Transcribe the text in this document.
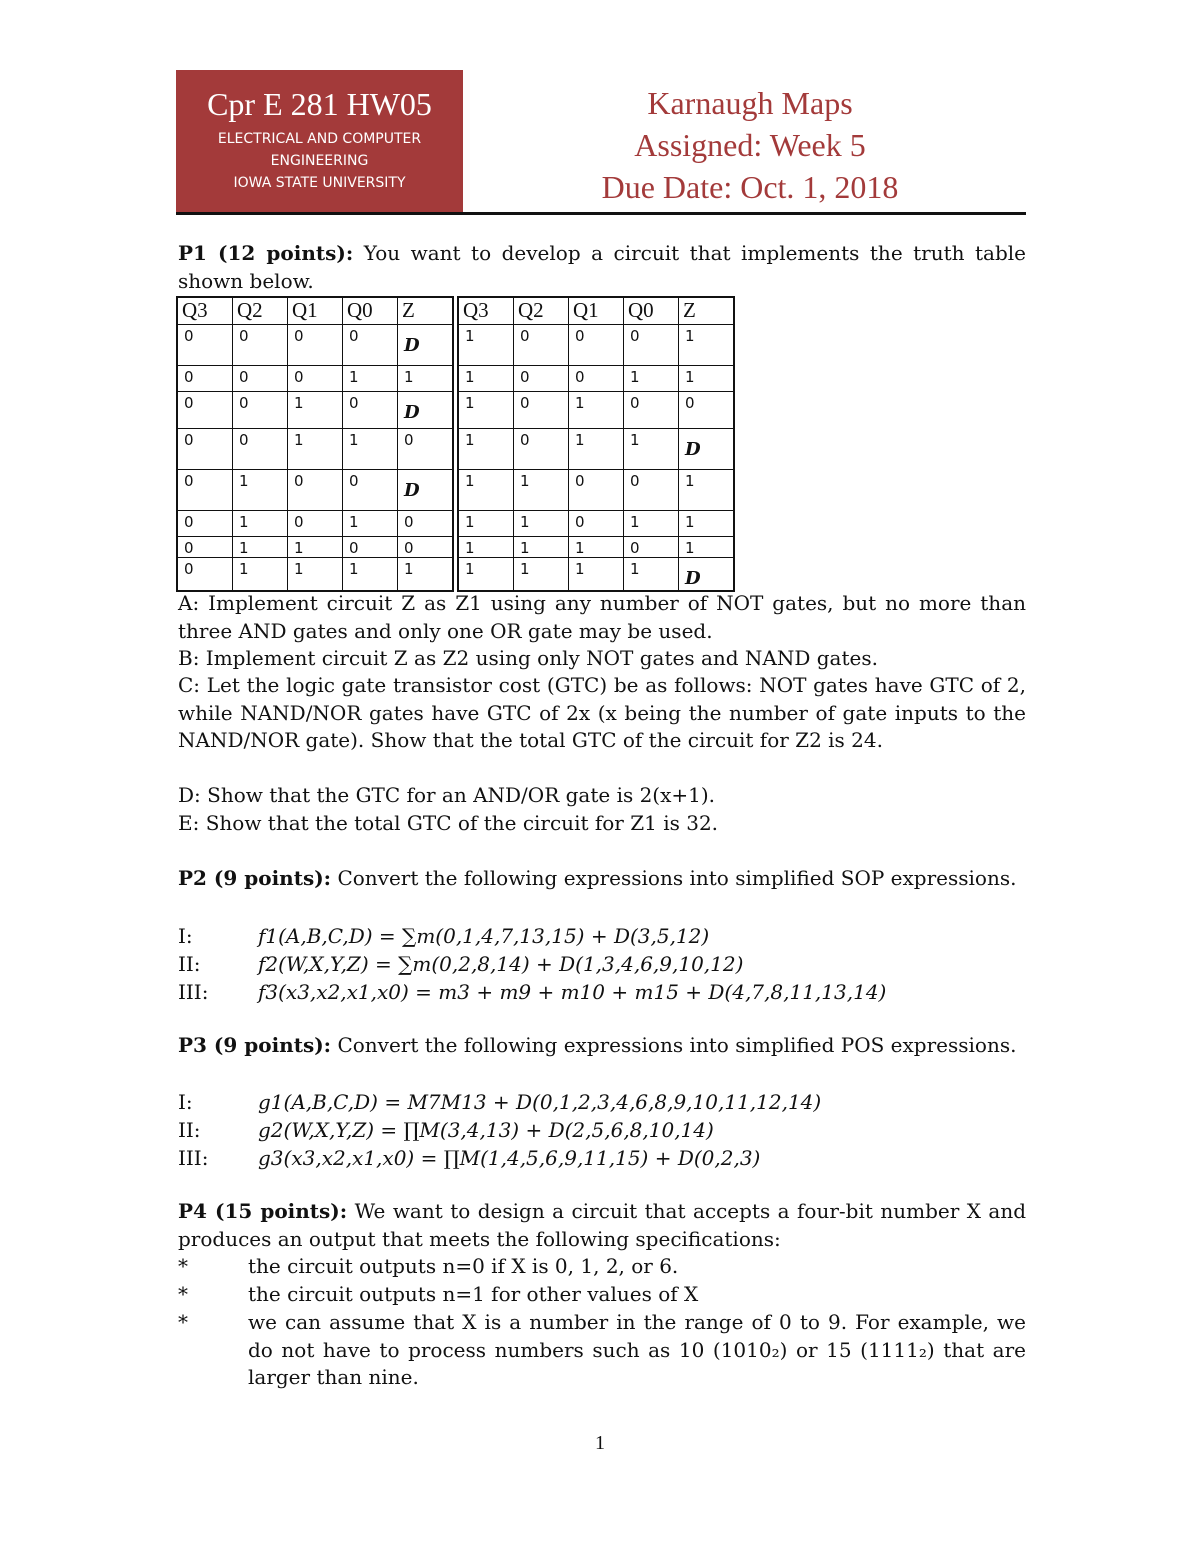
Cpr E 281 HW05
ELECTRICAL AND COMPUTER
ENGINEERING
IOWA STATE UNIVERSITY
Karnaugh Maps
Assigned: Week 5
Due Date: Oct. 1, 2018
P1 (12 points): You want to develop a circuit that implements the truth table shown below.
Q3	Q2	Q1	Q0	Z
0	0	0	0	D
0	0	0	1	1
0	0	1	0	D
0	0	1	1	0
0	1	0	0	D
0	1	0	1	0
0	1	1	0	0
0	1	1	1	1
Q3	Q2	Q1	Q0	Z
1	0	0	0	1
1	0	0	1	1
1	0	1	0	0
1	0	1	1	D
1	1	0	0	1
1	1	0	1	1
1	1	1	0	1
1	1	1	1	D
A: Implement circuit Z as Z1 using any number of NOT gates, but no more than three AND gates and only one OR gate may be used.
B: Implement circuit Z as Z2 using only NOT gates and NAND gates.
C: Let the logic gate transistor cost (GTC) be as follows: NOT gates have GTC of 2, while NAND/NOR gates have GTC of 2x (x being the number of gate inputs to the NAND/NOR gate). Show that the total GTC of the circuit for Z2 is 24.
D: Show that the GTC for an AND/OR gate is 2(x+1).
E: Show that the total GTC of the circuit for Z1 is 32.
P2 (9 points): Convert the following expressions into simplified SOP expressions.
I:	f1(A,B,C,D) = ∑m(0,1,4,7,13,15) + D(3,5,12)
II:	f2(W,X,Y,Z) = ∑m(0,2,8,14) + D(1,3,4,6,9,10,12)
III: f3(x3,x2,x1,x0) = m3 + m9 + m10 + m15 + D(4,7,8,11,13,14)
P3 (9 points): Convert the following expressions into simplified POS expressions.
I:	g1(A,B,C,D) = M7M13 + D(0,1,2,3,4,6,8,9,10,11,12,14)
II:	g2(W,X,Y,Z) = ∏M(3,4,13) + D(2,5,6,8,10,14)
III: g3(x3,x2,x1,x0) = ∏M(1,4,5,6,9,11,15) + D(0,2,3)
P4 (15 points): We want to design a circuit that accepts a four-bit number X and produces an output that meets the following specifications:
*	the circuit outputs n=0 if X is 0, 1, 2, or 6.
*	the circuit outputs n=1 for other values of X
*	we can assume that X is a number in the range of 0 to 9. For example, we do not have to process numbers such as 10 (1010₂) or 15 (1111₂) that are larger than nine.
1
